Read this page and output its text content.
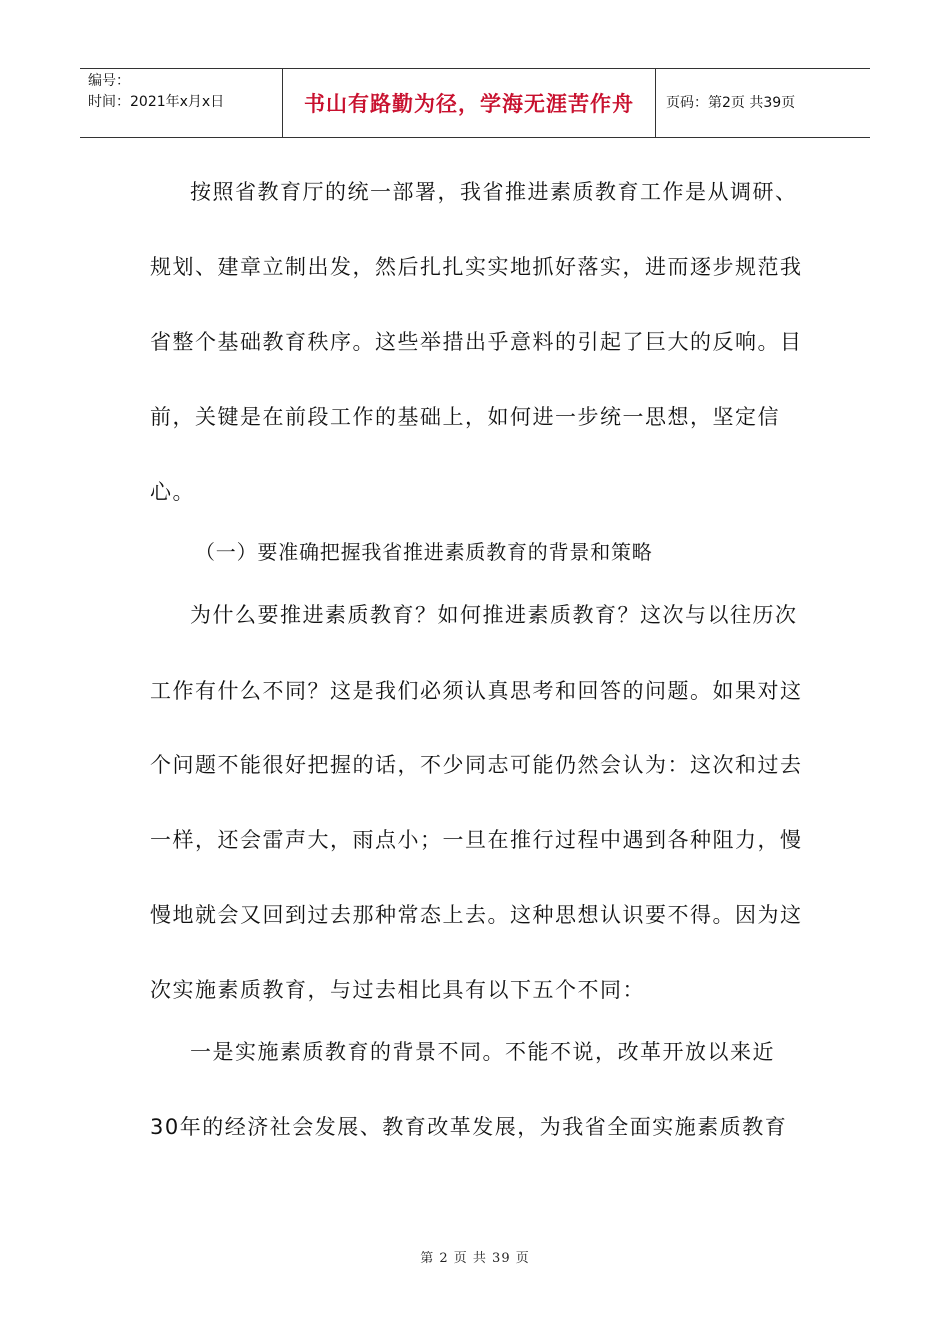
编号：
时间：2021年x月x日	书山有路勤为径，学海无涯苦作舟 页码：第2页 共39页
按照省教育厅的统一部署，我省推进素质教育工作是从调研、
规划、建章立制出发，然后扎扎实实地抓好落实，进而逐步规范我
省整个基础教育秩序。这些举措出乎意料的引起了巨大的反响。目
前，关键是在前段工作的基础上，如何进一步统一思想，坚定信
心。
（一）要准确把握我省推进素质教育的背景和策略
为什么要推进素质教育？如何推进素质教育？这次与以往历次
工作有什么不同？这是我们必须认真思考和回答的问题。如果对这
个问题不能很好把握的话，不少同志可能仍然会认为：这次和过去
一样，还会雷声大，雨点小；一旦在推行过程中遇到各种阻力，慢
慢地就会又回到过去那种常态上去。这种思想认识要不得。因为这
次实施素质教育，与过去相比具有以下五个不同：
一是实施素质教育的背景不同。不能不说，改革开放以来近
30年的经济社会发展、教育改革发展，为我省全面实施素质教育
第 2 页 共 39 页
